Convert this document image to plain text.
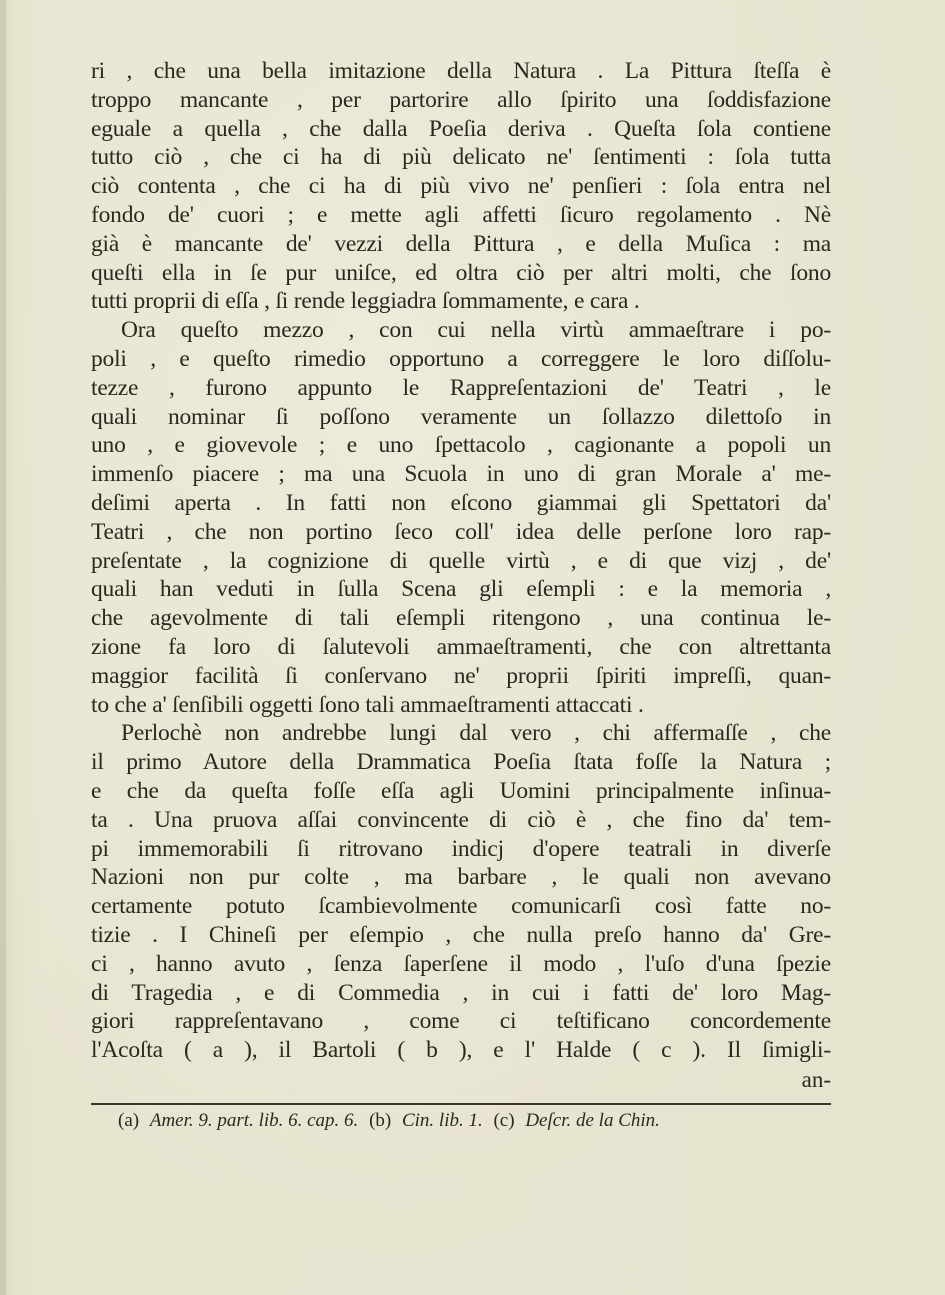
ri , che una bella imitazione della Natura . La Pittura ſteſſa è
troppo mancante , per partorire allo ſpirito una ſoddisfazione
eguale a quella , che dalla Poeſia deriva . Queſta ſola contiene
tutto ciò , che ci ha di più delicato ne' ſentimenti : ſola tutta
ciò contenta , che ci ha di più vivo ne' penſieri : ſola entra nel
fondo de' cuori ; e mette agli affetti ſicuro regolamento . Nè
già è mancante de' vezzi della Pittura , e della Muſica : ma
queſti ella in ſe pur uniſce, ed oltra ciò per altri molti, che ſono
tutti proprii di eſſa , ſi rende leggiadra ſommamente, e cara .
Ora queſto mezzo , con cui nella virtù ammaeſtrare i po-
poli , e queſto rimedio opportuno a correggere le loro diſſolu-
tezze , furono appunto le Rappreſentazioni de' Teatri , le
quali nominar ſi poſſono veramente un ſollazzo dilettoſo in
uno , e giovevole ; e uno ſpettacolo , cagionante a popoli un
immenſo piacere ; ma una Scuola in uno di gran Morale a' me-
deſimi aperta . In fatti non eſcono giammai gli Spettatori da'
Teatri , che non portino ſeco coll' idea delle perſone loro rap-
preſentate , la cognizione di quelle virtù , e di que vizj , de'
quali han veduti in ſulla Scena gli eſempli : e la memoria ,
che agevolmente di tali eſempli ritengono , una continua le-
zione fa loro di ſalutevoli ammaeſtramenti, che con altrettanta
maggior facilità ſi conſervano ne' proprii ſpiriti impreſſi, quan-
to che a' ſenſibili oggetti ſono tali ammaeſtramenti attaccati .
Perlochè non andrebbe lungi dal vero , chi affermaſſe , che
il primo Autore della Drammatica Poeſia ſtata foſſe la Natura ;
e che da queſta foſſe eſſa agli Uomini principalmente inſinua-
ta . Una pruova aſſai convincente di ciò è , che fino da' tem-
pi immemorabili ſi ritrovano indicj d'opere teatrali in diverſe
Nazioni non pur colte , ma barbare , le quali non avevano
certamente potuto ſcambievolmente comunicarſi così fatte no-
tizie . I Chineſi per eſempio , che nulla preſo hanno da' Gre-
ci , hanno avuto , ſenza ſaperſene il modo , l'uſo d'una ſpezie
di Tragedia , e di Commedia , in cui i fatti de' loro Mag-
giori rappreſentavano , come ci teſtificano concordemente
l'Acoſta ( a ), il Bartoli ( b ), e l' Halde ( c ). Il ſimigli-
an-
(a) Amer. 9. part. lib. 6. cap. 6. (b) Cin. lib. 1. (c) Deſcr. de la Chin.
